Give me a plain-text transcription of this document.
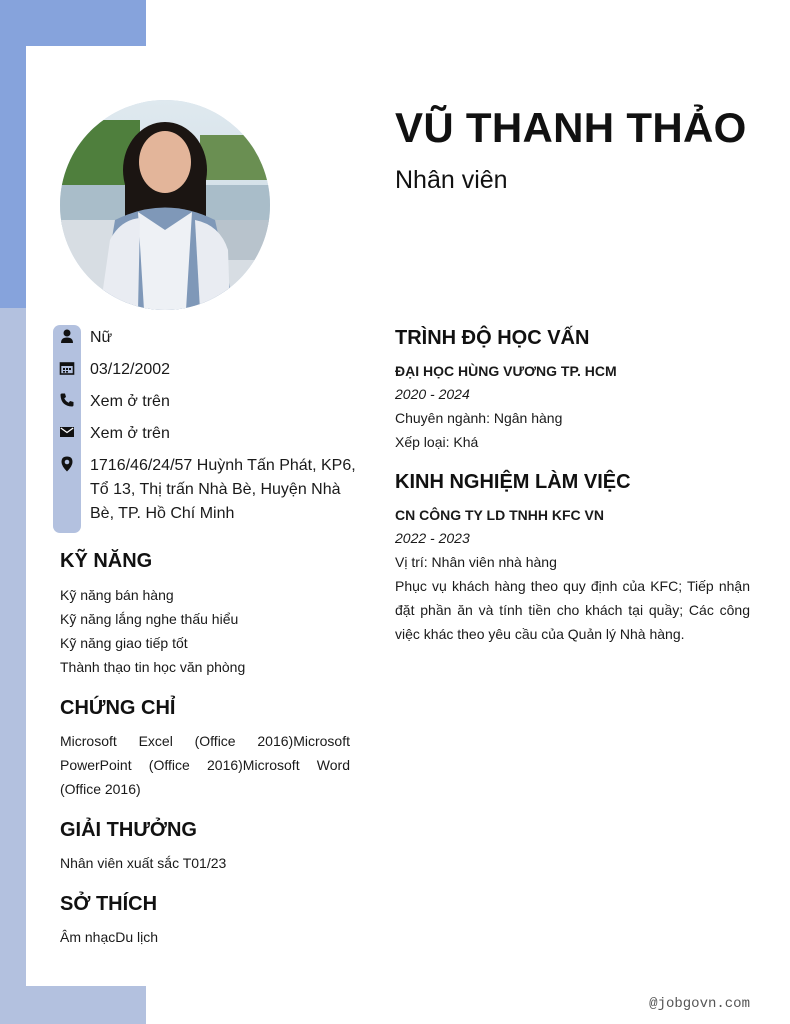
VŨ THANH THẢO
Nhân viên
Nữ
03/12/2002
Xem ở trên
Xem ở trên
1716/46/24/57 Huỳnh Tấn Phát, KP6, Tổ 13, Thị trấn Nhà Bè, Huyện Nhà Bè, TP. Hồ Chí Minh
KỸ NĂNG
Kỹ năng bán hàng
Kỹ năng lắng nghe thấu hiểu
Kỹ năng giao tiếp tốt
Thành thạo tin học văn phòng
CHỨNG CHỈ
Microsoft Excel (Office 2016)Microsoft PowerPoint (Office 2016)Microsoft Word (Office 2016)
GIẢI THƯỞNG
Nhân viên xuất sắc T01/23
SỞ THÍCH
Âm nhạcDu lịch
TRÌNH ĐỘ HỌC VẤN
ĐẠI HỌC HÙNG VƯƠNG TP. HCM
2020 - 2024
Chuyên ngành: Ngân hàng
Xếp loại: Khá
KINH NGHIỆM LÀM VIỆC
CN CÔNG TY LD TNHH KFC VN
2022 - 2023
Vị trí: Nhân viên nhà hàng
Phục vụ khách hàng theo quy định của KFC; Tiếp nhận đặt phần ăn và tính tiền cho khách tại quầy; Các công việc khác theo yêu cầu của Quản lý Nhà hàng.
@jobgovn.com
